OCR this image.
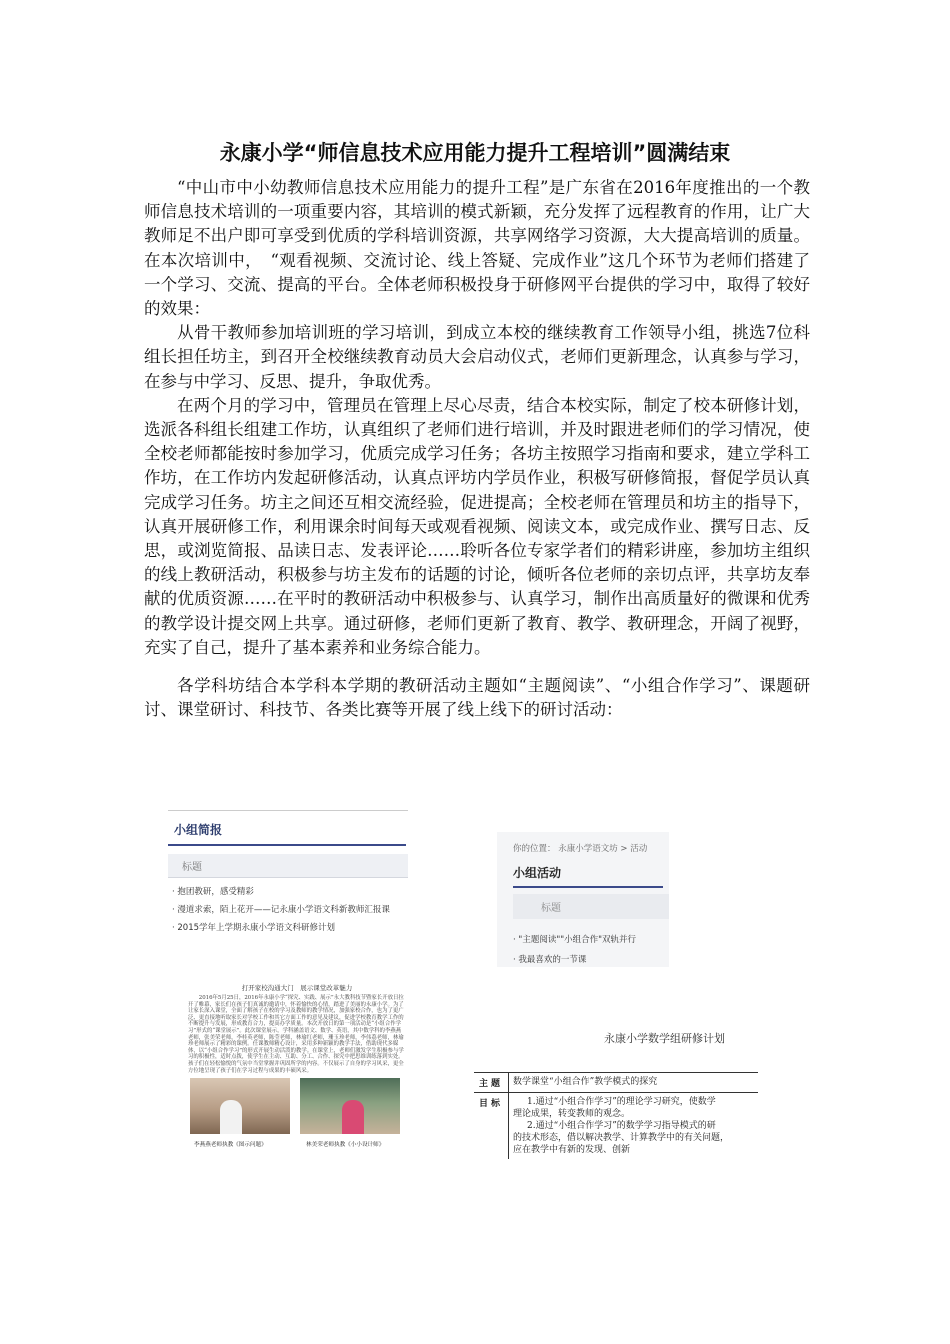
永康小学“师信息技术应用能力提升工程培训”圆满结束

“中山市中小幼教师信息技术应用能力的提升工程”是广东省在2016年度推出的一个教师信息技术培训的一项重要内容，其培训的模式新颖，充分发挥了远程教育的作用，让广大教师足不出户即可享受到优质的学科培训资源，共享网络学习资源，大大提高培训的质量。在本次培训中，　“观看视频、交流讨论、线上答疑、完成作业”这几个环节为老师们搭建了一个学习、交流、提高的平台。全体老师积极投身于研修网平台提供的学习中，取得了较好的效果：

从骨干教师参加培训班的学习培训，到成立本校的继续教育工作领导小组，挑选7位科组长担任坊主，到召开全校继续教育动员大会启动仪式，老师们更新理念，认真参与学习，在参与中学习、反思、提升，争取优秀。

在两个月的学习中，管理员在管理上尽心尽责，结合本校实际，制定了校本研修计划，选派各科组长组建工作坊，认真组织了老师们进行培训，并及时跟进老师们的学习情况，使全校老师都能按时参加学习，优质完成学习任务；各坊主按照学习指南和要求，建立学科工作坊，在工作坊内发起研修活动，认真点评坊内学员作业，积极写研修简报，督促学员认真完成学习任务。坊主之间还互相交流经验，促进提高；全校老师在管理员和坊主的指导下，认真开展研修工作，利用课余时间每天或观看视频、阅读文本，或完成作业、撰写日志、反思，或浏览简报、品读日志、发表评论……聆听各位专家学者们的精彩讲座，参加坊主组织的线上教研活动，积极参与坊主发布的话题的讨论，倾听各位老师的亲切点评，共享坊友奉献的优质资源……在平时的教研活动中积极参与、认真学习，制作出高质量好的微课和优秀的教学设计提交网上共享。通过研修，老师们更新了教育、教学、教研理念，开阔了视野，充实了自己，提升了基本素养和业务综合能力。

各学科坊结合本学科本学期的教研活动主题如“主题阅读”、“小组合作学习”、课题研讨、课堂研讨、科技节、各类比赛等开展了线上线下的研讨活动：

小组简报
标题
· 抱团教研，感受精彩
· 漫道求索，陌上花开——记永康小学语文科新教师汇报课
· 2015学年上学期永康小学语文科研修计划
你的位置： 永康小学语文坊 > 活动
小组活动
标题
· "主题阅读""小组合作"双轨并行
· 我最喜欢的一节课
打开家校沟通大门　展示课堂改革魅力
2016年5月25日，2016年永康小学“探究、实践、展示”永大教科技节暨家长开放日拉开了帷幕，家长们在孩子们真诚的邀请中，怀着愉快的心情，踏进了美丽的永康小学。为了让家长深入课堂，全面了解孩子在校的学习及教师的教学情况，加强家校合作，也为了更广泛、更直接地听取家长对学校工作和其它方面工作的意见及建议，促进学校教育教学工作的不断提升与发展，形成教育合力，提高办学质量。本次开放日的第一项活动是“小组合作学习”形式的“课堂展示”。此次课堂展示，学科涵盖语文、数学、英语，其中数学科的李燕燕老师，张美荣老师，李桂英老师，陈莹老师，林瑜红老师，珊玉珍老师，李伟荔老师，林瑜珍老师展示了精彩的课例。任课教师精心设计，采用多种新颖的教学手法，借助现代多媒体，以“小组合作学习”的形式开展生动活泼的教学。在课堂上，老师们激发学生积极参与学习的积极性，适时点拨，使学生在主动、互助、分工、合作、探究中把思维训练落到实处。孩子们在轻松愉悦的气氛中当堂掌握并巩固所学的内容。不仅展示了自身的学习风采，更全方位地呈现了孩子们在学习过程与成果的丰硕风采。
李燕燕老师执教《图示问题》	林美荣老师执教《小小设计师》
永康小学数学组研修计划
主题	数学课堂“小组合作”教学模式的探究

目标	1.通过“小组合作学习”的理论学习研究，使数学
理论成果，转变教师的观念。
2.通过“小组合作学习”的数学学习指导模式的研
的技术形态，借以解决教学、计算教学中的有关问题，
应在教学中有新的发现、创新
